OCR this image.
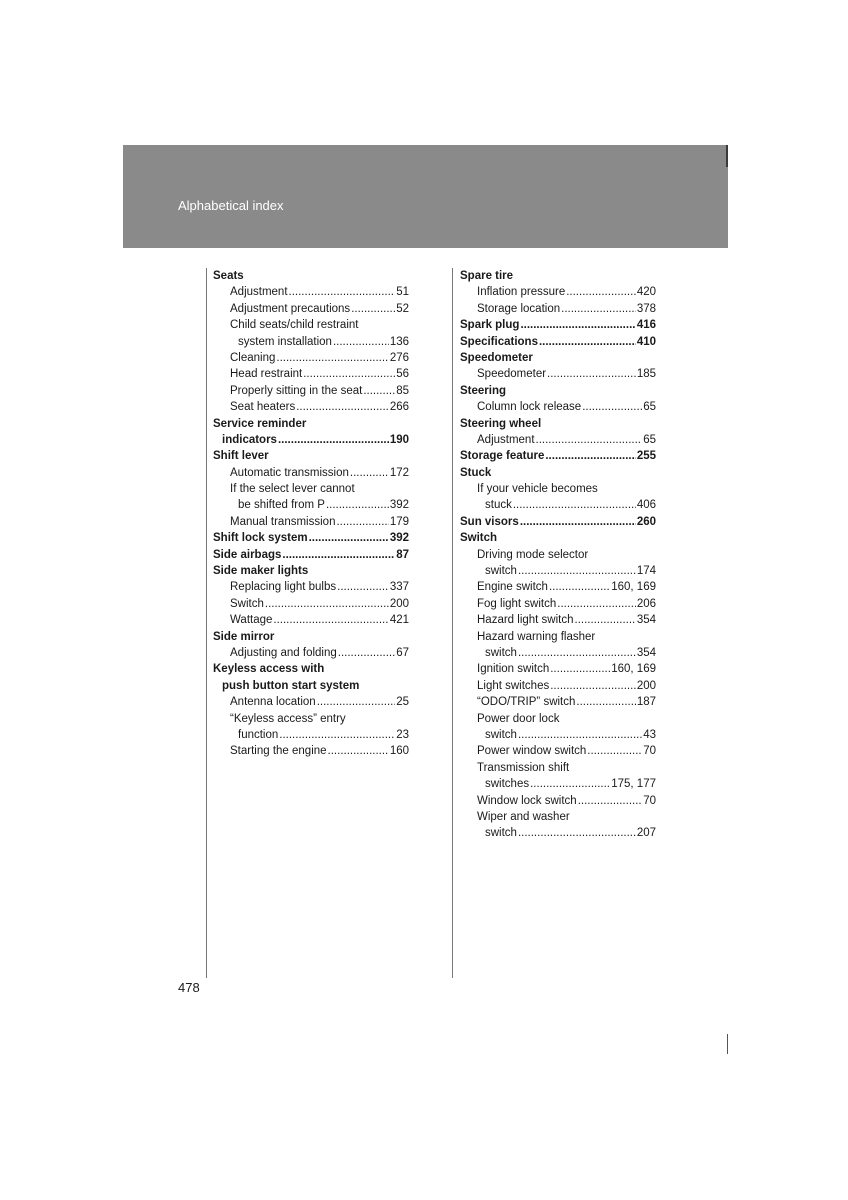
Alphabetical index
Seats
Adjustment .....	51
Adjustment precautions .....	52
Child seats/child restraint
system installation .....	136
Cleaning .....	276
Head restraint .....	56
Properly sitting in the seat .....	85
Seat heaters .....	266
Service reminder
indicators .....	190
Shift lever
Automatic transmission .....	172
If the select lever cannot
be shifted from P .....	392
Manual transmission .....	179
Shift lock system .....	392
Side airbags .....	87
Side maker lights
Replacing light bulbs .....	337
Switch .....	200
Wattage .....	421
Side mirror
Adjusting and folding .....	67
Keyless access with
push button start system
Antenna location .....	25
“Keyless access” entry
function .....	23
Starting the engine .....	160
Spare tire
Inflation pressure .....	420
Storage location .....	378
Spark plug .....	416
Specifications .....	410
Speedometer
Speedometer .....	185
Steering
Column lock release .....	65
Steering wheel
Adjustment .....	65
Storage feature .....	255
Stuck
If your vehicle becomes
stuck .....	406
Sun visors .....	260
Switch
Driving mode selector
switch .....	174
Engine switch .....	160, 169
Fog light switch .....	206
Hazard light switch .....	354
Hazard warning flasher
switch .....	354
Ignition switch .....	160, 169
Light switches .....	200
“ODO/TRIP” switch .....	187
Power door lock
switch .....	43
Power window switch .....	70
Transmission shift
switches .....	175, 177
Window lock switch .....	70
Wiper and washer
switch .....	207
478
